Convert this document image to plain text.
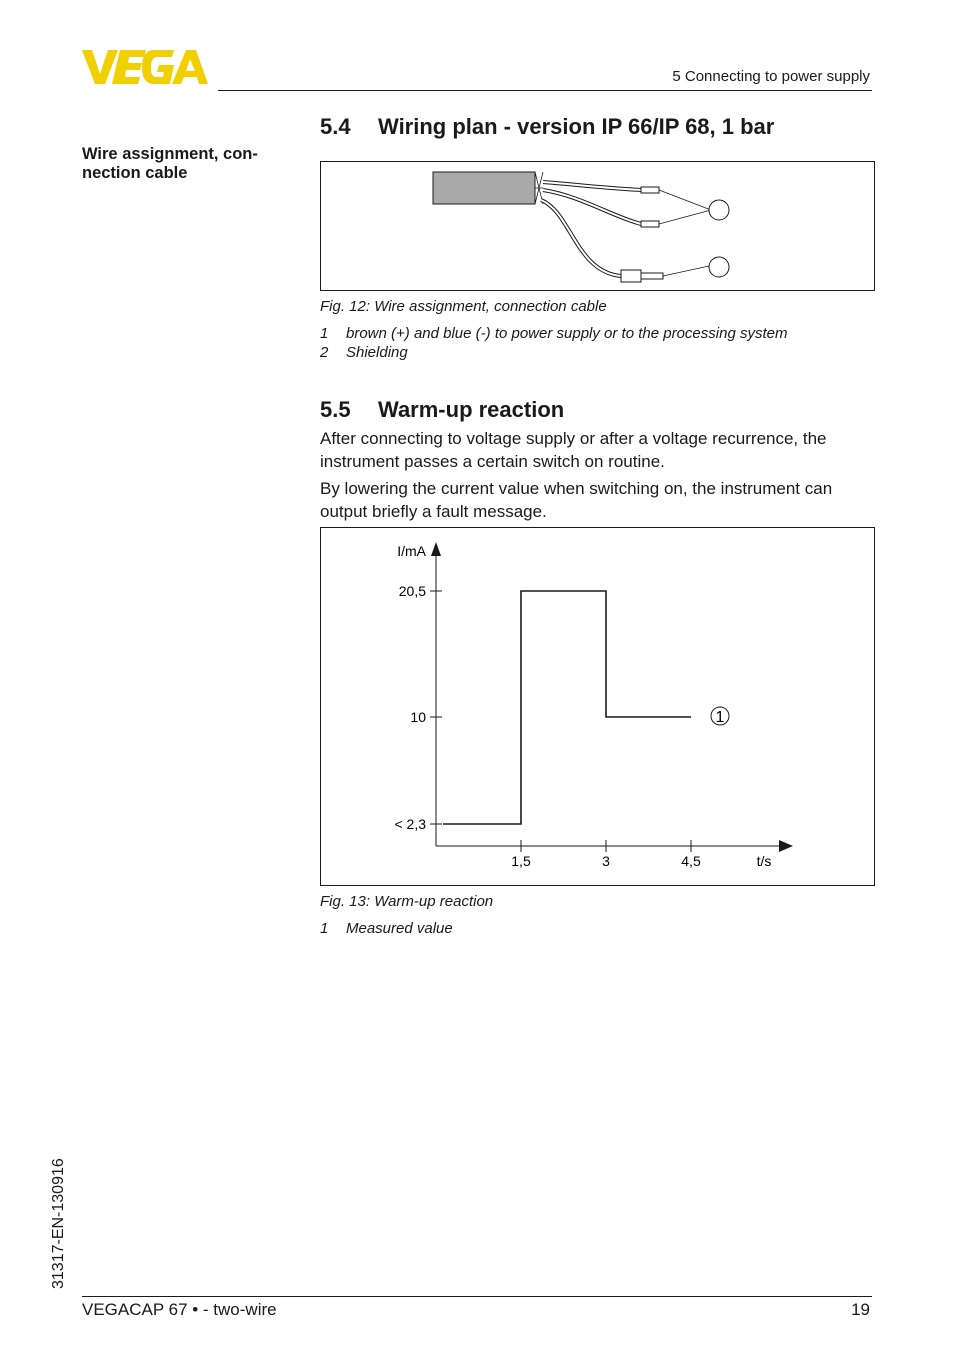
5 Connecting to power supply
Wire assignment, con-nection cable
5.4 Wiring plan - version IP 66/IP 68, 1 bar
Fig. 12: Wire assignment, connection cable
1 brown (+) and blue (-) to power supply or to the processing system
2 Shielding
5.5 Warm-up reaction
After connecting to voltage supply or after a voltage recurrence, the instrument passes a certain switch on routine.
By lowering the current value when switching on, the instrument can output briefly a fault message.
I/mA
t/s
1,5	3	4,5
< 2,3
10
20,5
1
Fig. 13: Warm-up reaction
1 Measured value
31317-EN-130916
VEGACAP 67 • - two-wire	19
